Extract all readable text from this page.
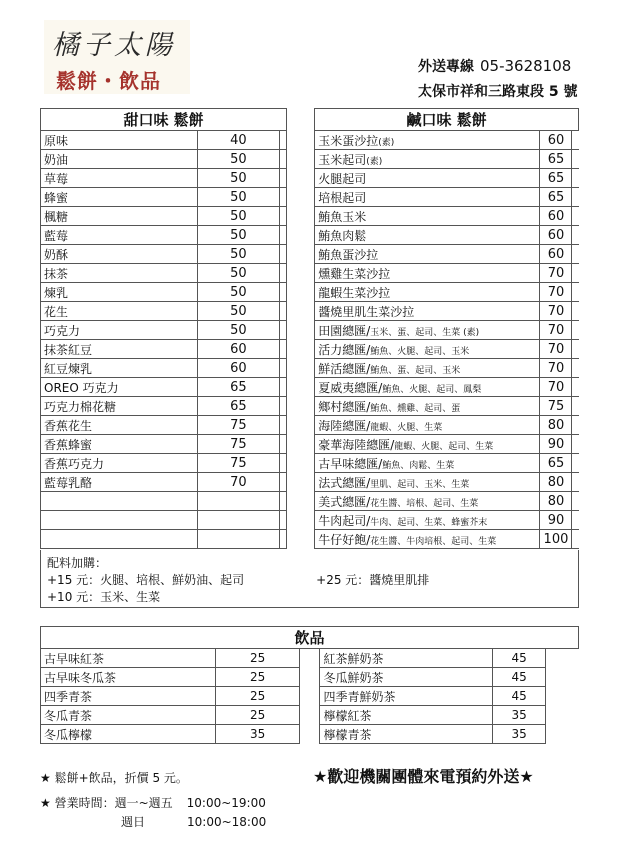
橘子太陽
鬆餅・飲品
外送專線 05-3628108
太保市祥和三路東段 5 號
甜口味 鬆餅				鹹口味 鬆餅		
原味	40			玉米蛋沙拉(素)	60	
奶油	50			玉米起司(素)	65	
草莓	50			火腿起司	65	
蜂蜜	50			培根起司	65	
楓糖	50			鮪魚玉米	60	
藍莓	50			鮪魚肉鬆	60	
奶酥	50			鮪魚蛋沙拉	60	
抹茶	50			燻雞生菜沙拉	70	
煉乳	50			龍蝦生菜沙拉	70	
花生	50			醬燒里肌生菜沙拉	70	
巧克力	50			田園總匯/玉米、蛋、起司、生菜 (素)	70	
抹茶紅豆	60			活力總匯/鮪魚、火腿、起司、玉米	70	
紅豆煉乳	60			鮮活總匯/鮪魚、蛋、起司、玉米	70	
OREO 巧克力	65			夏威夷總匯/鮪魚、火腿、起司、鳳梨	70	
巧克力棉花糖	65			鄉村總匯/鮪魚、燻雞、起司、蛋	75	
香蕉花生	75			海陸總匯/龍蝦、火腿、生菜	80	
香蕉蜂蜜	75			豪華海陸總匯/龍蝦、火腿、起司、生菜	90	
香蕉巧克力	75			古早味總匯/鮪魚、肉鬆、生菜	65	
藍莓乳酪	70			法式總匯/里肌、起司、玉米、生菜	80	
				美式總匯/花生醬、培根、起司、生菜	80	
				牛肉起司/牛肉、起司、生菜、蜂蜜芥末	90	
				牛仔好飽/花生醬、牛肉培根、起司、生菜	100	
配料加購：
+15 元：火腿、培根、鮮奶油、起司	+25 元：醬燒里肌排
+10 元：玉米、生菜
飲品					
古早味紅茶	25		紅茶鮮奶茶	45	
古早味冬瓜茶	25		冬瓜鮮奶茶	45	
四季青茶	25		四季青鮮奶茶	45	
冬瓜青茶	25		檸檬紅茶	35	
冬瓜檸檬	35		檸檬青茶	35	
★ 鬆餅+飲品，折價 5 元。
★ 營業時間：週一~週五 10:00~19:00
週日	10:00~18:00
★歡迎機關團體來電預約外送★
